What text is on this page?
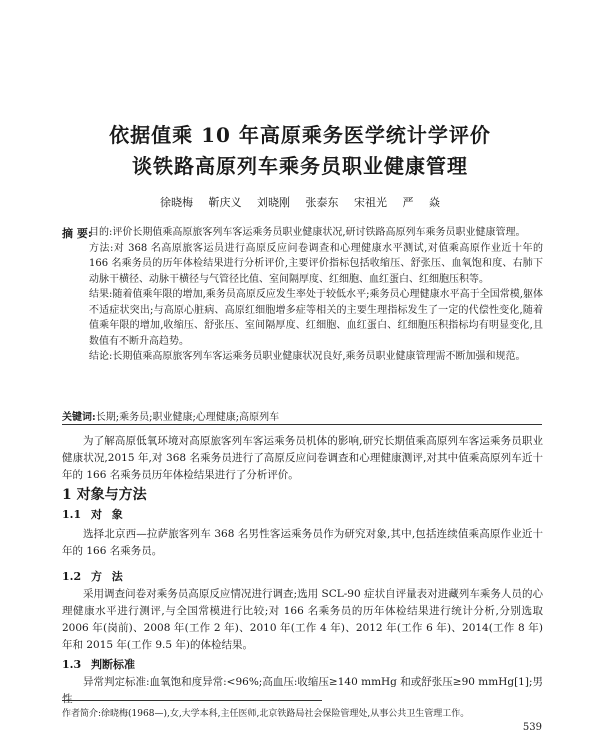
依据值乘 10 年高原乘务医学统计学评价
谈铁路高原列车乘务员职业健康管理
徐晓梅 靳庆义 刘晓刚 张泰东 宋祖光 严 焱
摘 要:

目的:评价长期值乘高原旅客列车客运乘务员职业健康状况,研讨铁路高原列车乘务员职业健康管理。

方法:对 368 名高原旅客运员进行高原反应问卷调查和心理健康水平测试,对值乘高原作业近十年的 166 名乘务员的历年体检结果进行分析评价,主要评价指标包括收缩压、舒张压、血氧饱和度、右肺下动脉干横径、动脉干横径与气管径比值、室间隔厚度、红细胞、血红蛋白、红细胞压积等。

结果:随着值乘年限的增加,乘务员高原反应发生率处于较低水平;乘务员心理健康水平高于全国常模,躯体不适症状突出;与高原心脏病、高原红细胞增多症等相关的主要生理指标发生了一定的代偿性变化,随着值乘年限的增加,收缩压、舒张压、室间隔厚度、红细胞、血红蛋白、红细胞压积指标均有明显变化,且数值有不断升高趋势。

结论:长期值乘高原旅客列车客运乘务员职业健康状况良好,乘务员职业健康管理需不断加强和规范。

关键词:长期;乘务员;职业健康;心理健康;高原列车
为了解高原低氧环境对高原旅客列车客运乘务员机体的影响,研究长期值乘高原列车客运乘务员职业健康状况,2015 年,对 368 名乘务员进行了高原反应问卷调查和心理健康测评,对其中值乘高原列车近十年的 166 名乘务员历年体检结果进行了分析评价。
1 对象与方法
1.1 对 象
选择北京西—拉萨旅客列车 368 名男性客运乘务员作为研究对象,其中,包括连续值乘高原作业近十年的 166 名乘务员。
1.2 方 法
采用调查问卷对乘务员高原反应情况进行调查;选用 SCL-90 症状自评量表对进藏列车乘务人员的心理健康水平进行测评,与全国常模进行比较;对 166 名乘务员的历年体检结果进行统计分析,分别选取 2006 年(岗前)、2008 年(工作 2 年)、2010 年(工作 4 年)、2012 年(工作 6 年)、2014(工作 8 年)年和 2015 年(工作 9.5 年)的体检结果。
1.3 判断标准
异常判定标准:血氧饱和度异常:<96%;高血压:收缩压≥140 mmHg 和或舒张压≥90 mmHg[1];男性
作者简介:徐晓梅(1968—),女,大学本科,主任医师,北京铁路局社会保险管理处,从事公共卫生管理工作。
539
